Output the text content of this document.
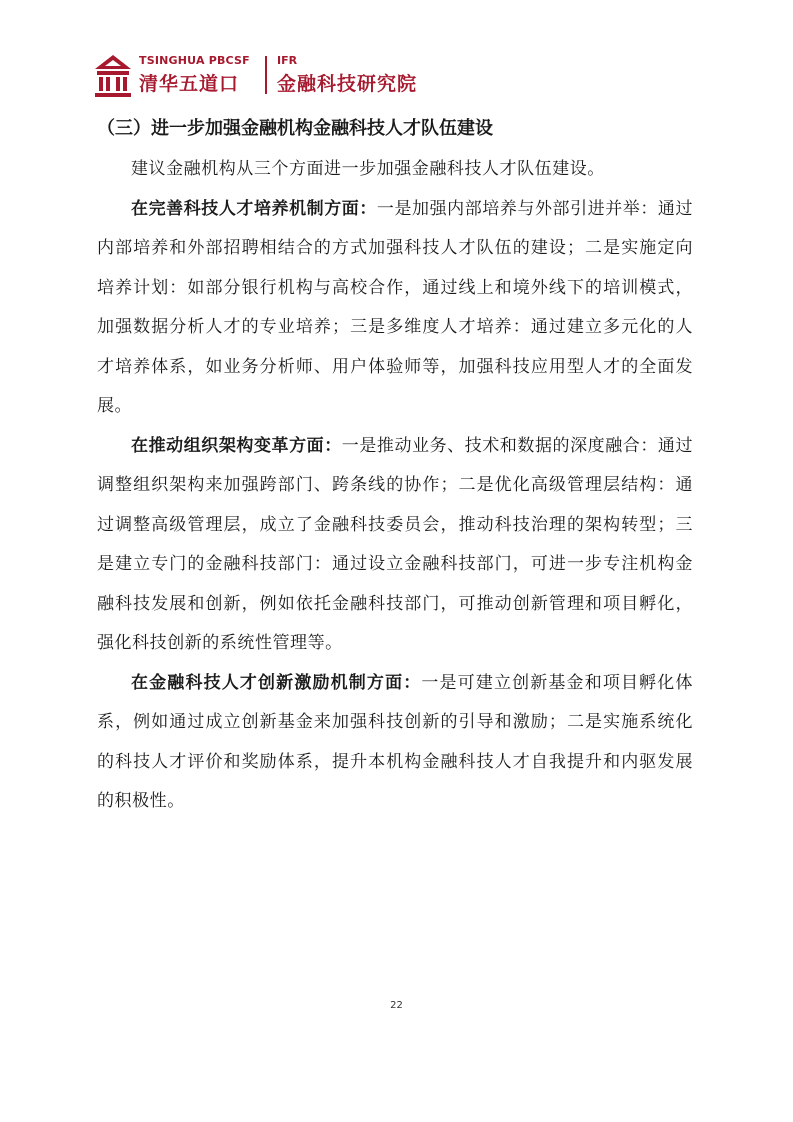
TSINGHUA PBCSF
清华五道口
IFR
金融科技研究院
（三）进一步加强金融机构金融科技人才队伍建设

建议金融机构从三个方面进一步加强金融科技人才队伍建设。

在完善科技人才培养机制方面：一是加强内部培养与外部引进并举：通过内部培养和外部招聘相结合的方式加强科技人才队伍的建设；二是实施定向培养计划：如部分银行机构与高校合作，通过线上和境外线下的培训模式，加强数据分析人才的专业培养；三是多维度人才培养：通过建立多元化的人才培养体系，如业务分析师、用户体验师等，加强科技应用型人才的全面发展。

在推动组织架构变革方面：一是推动业务、技术和数据的深度融合：通过调整组织架构来加强跨部门、跨条线的协作；二是优化高级管理层结构：通过调整高级管理层，成立了金融科技委员会，推动科技治理的架构转型；三是建立专门的金融科技部门：通过设立金融科技部门，可进一步专注机构金融科技发展和创新，例如依托金融科技部门，可推动创新管理和项目孵化，强化科技创新的系统性管理等。

在金融科技人才创新激励机制方面：一是可建立创新基金和项目孵化体系，例如通过成立创新基金来加强科技创新的引导和激励；二是实施系统化的科技人才评价和奖励体系，提升本机构金融科技人才自我提升和内驱发展的积极性。

22
